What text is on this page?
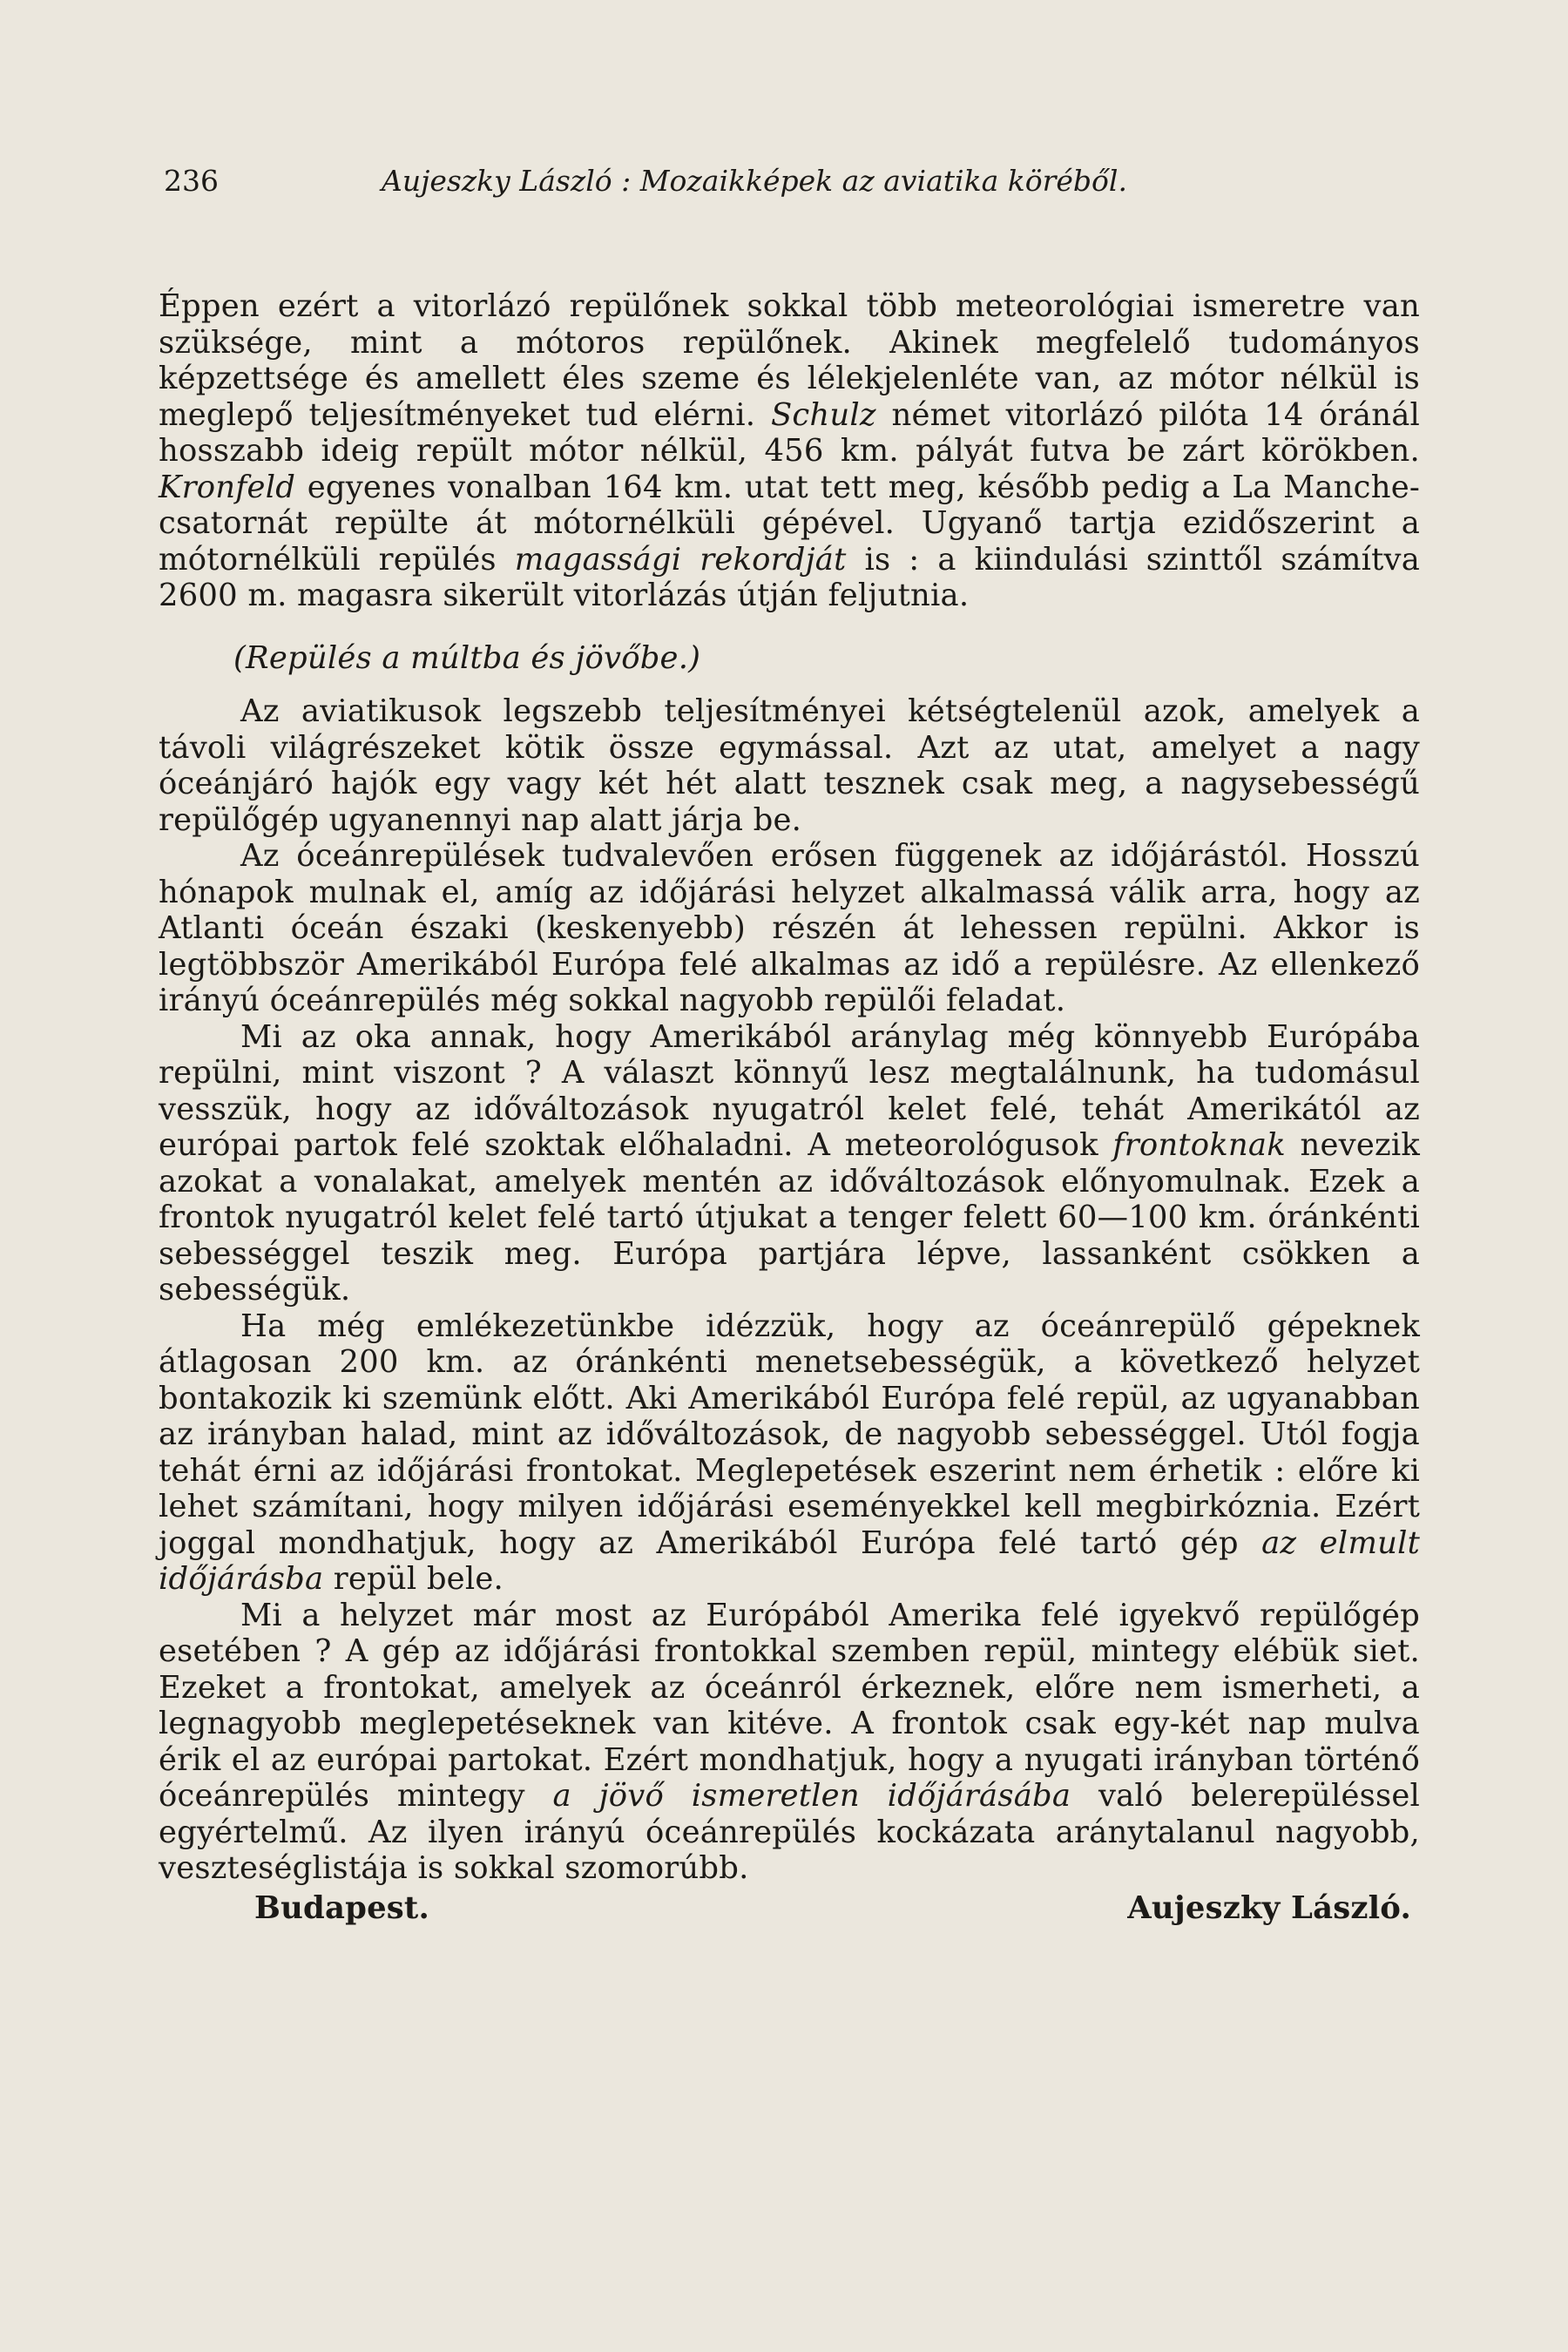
236	Aujeszky László : Mozaikképek az aviatika köréből.

Éppen ezért a vitorlázó repülőnek sokkal több meteorológiai ismeretre van szüksége, mint a mótoros repülőnek. Akinek megfelelő tudományos képzettsége és amellett éles szeme és lélekjelenléte van, az mótor nélkül is meglepő teljesítményeket tud elérni. Schulz német vitorlázó pilóta 14 óránál hosszabb ideig repült mótor nélkül, 456 km. pályát futva be zárt körökben. Kronfeld egyenes vonalban 164 km. utat tett meg, később pedig a La Manche-csatornát repülte át mótornélküli gépével. Ugyanő tartja ezidőszerint a mótornélküli repülés magassági rekordját is : a kiindulási szinttől számítva 2600 m. magasra sikerült vitorlázás útján feljutnia.

(Repülés a múltba és jövőbe.)

Az aviatikusok legszebb teljesítményei kétségtelenül azok, amelyek a távoli világrészeket kötik össze egymással. Azt az utat, amelyet a nagy óceánjáró hajók egy vagy két hét alatt tesznek csak meg, a nagysebességű repülőgép ugyanennyi nap alatt járja be.

Az óceánrepülések tudvalevően erősen függenek az időjárástól. Hosszú hónapok mulnak el, amíg az időjárási helyzet alkalmassá válik arra, hogy az Atlanti óceán északi (keskenyebb) részén át lehessen repülni. Akkor is legtöbbször Amerikából Európa felé alkalmas az idő a repülésre. Az ellenkező irányú óceánrepülés még sokkal nagyobb repülői feladat.

Mi az oka annak, hogy Amerikából aránylag még könnyebb Európába repülni, mint viszont ? A választ könnyű lesz megtalálnunk, ha tudomásul vesszük, hogy az időváltozások nyugatról kelet felé, tehát Amerikától az európai partok felé szoktak előhaladni. A meteorológusok frontoknak nevezik azokat a vonalakat, amelyek mentén az időváltozások előnyomulnak. Ezek a frontok nyugatról kelet felé tartó útjukat a tenger felett 60—100 km. óránkénti sebességgel teszik meg. Európa partjára lépve, lassanként csökken a sebességük.

Ha még emlékezetünkbe idézzük, hogy az óceánrepülő gépeknek átlagosan 200 km. az óránkénti menetsebességük, a következő helyzet bontakozik ki szemünk előtt. Aki Amerikából Európa felé repül, az ugyanabban az irányban halad, mint az időváltozások, de nagyobb sebességgel. Utól fogja tehát érni az időjárási frontokat. Meglepetések eszerint nem érhetik : előre ki lehet számítani, hogy milyen időjárási eseményekkel kell megbirkóznia. Ezért joggal mondhatjuk, hogy az Amerikából Európa felé tartó gép az elmult időjárásba repül bele.

Mi a helyzet már most az Európából Amerika felé igyekvő repülőgép esetében ? A gép az időjárási frontokkal szemben repül, mintegy elébük siet. Ezeket a frontokat, amelyek az óceánról érkeznek, előre nem ismerheti, a legnagyobb meglepetéseknek van kitéve. A frontok csak egy-két nap mulva érik el az európai partokat. Ezért mondhatjuk, hogy a nyugati irányban történő óceánrepülés mintegy a jövő ismeretlen időjárásába való belerepüléssel egyértelmű. Az ilyen irányú óceánrepülés kockázata aránytalanul nagyobb, veszteséglistája is sokkal szomorúbb.

Budapest.	Aujeszky László.
